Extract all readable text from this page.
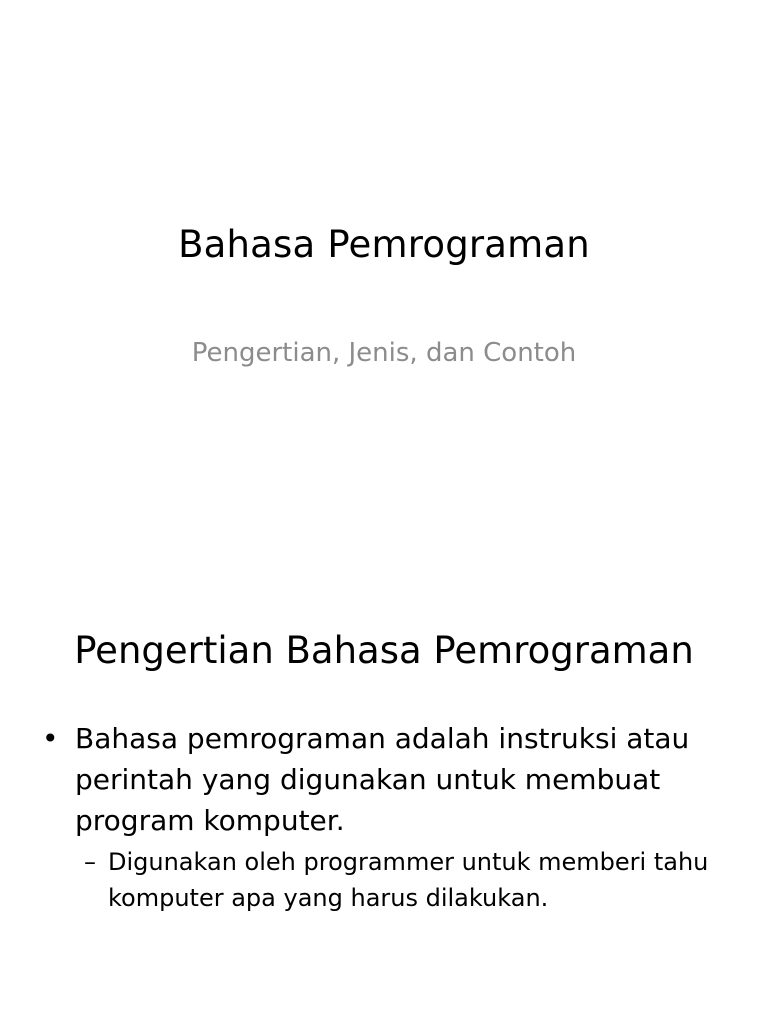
Bahasa Pemrograman
Pengertian, Jenis, dan Contoh
Pengertian Bahasa Pemrograman
• Bahasa pemrograman adalah instruksi atau perintah yang digunakan untuk membuat program komputer.
– Digunakan oleh programmer untuk memberi tahu komputer apa yang harus dilakukan.
